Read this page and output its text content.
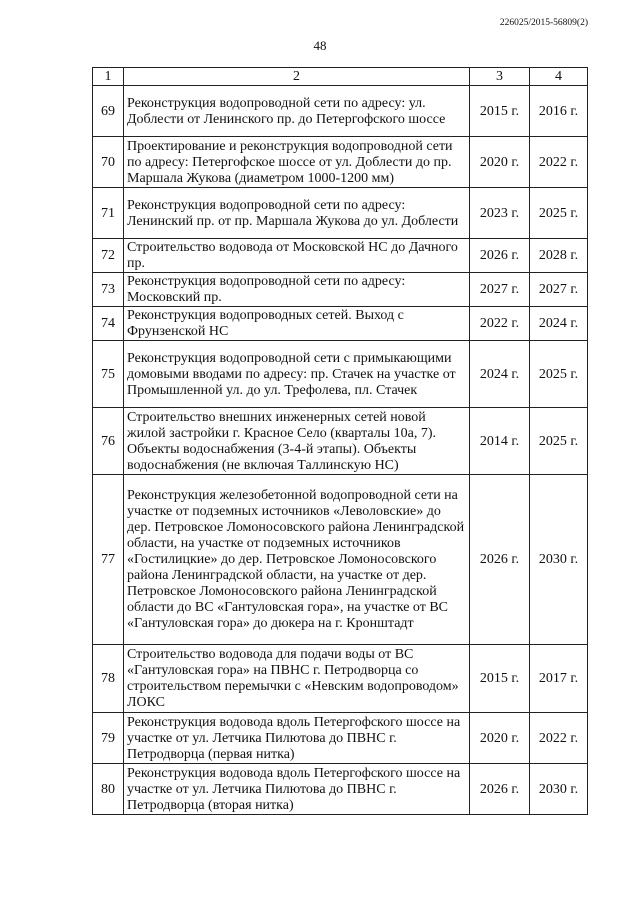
226025/2015-56809(2)
48
1	2	3	4
69	Реконструкция водопроводной сети по адресу: ул. Доблести от Ленинского пр. до Петергофского шоссе	2015 г.	2016 г.
70	Проектирование и реконструкция водопроводной сети по адресу: Петергофское шоссе от ул. Доблести до пр. Маршала Жукова (диаметром 1000-1200 мм)	2020 г.	2022 г.
71	Реконструкция водопроводной сети по адресу: Ленинский пр. от пр. Маршала Жукова до ул. Доблести	2023 г.	2025 г.
72	Строительство водовода от Московской НС до Дачного пр.	2026 г.	2028 г.
73	Реконструкция водопроводной сети по адресу: Московский пр.	2027 г.	2027 г.
74	Реконструкция водопроводных сетей. Выход с Фрунзенской НС	2022 г.	2024 г.
75	Реконструкция водопроводной сети с примыкающими домовыми вводами по адресу: пр. Стачек на участке от Промышленной ул. до ул. Трефолева, пл. Стачек	2024 г.	2025 г.
76	Строительство внешних инженерных сетей новой жилой застройки г. Красное Село (кварталы 10а, 7). Объекты водоснабжения (3-4-й этапы). Объекты водоснабжения (не включая Таллинскую НС)	2014 г.	2025 г.
77	Реконструкция железобетонной водопроводной сети на участке от подземных источников «Леволовские» до дер. Петровское Ломоносовского района Ленинградской области, на участке от подземных источников «Гостилицкие» до дер. Петровское Ломоносовского района Ленинградской области, на участке от дер. Петровское Ломоносовского района Ленинградской области до ВС «Гантуловская гора», на участке от ВС «Гантуловская гора» до дюкера на г. Кронштадт	2026 г.	2030 г.
78	Строительство водовода для подачи воды от ВС «Гантуловская гора» на ПВНС г. Петродворца со строительством перемычки с «Невским водопроводом» ЛОКС	2015 г.	2017 г.
79	Реконструкция водовода вдоль Петергофского шоссе на участке от ул. Летчика Пилютова до ПВНС г. Петродворца (первая нитка)	2020 г.	2022 г.
80	Реконструкция водовода вдоль Петергофского шоссе на участке от ул. Летчика Пилютова до ПВНС г. Петродворца (вторая нитка)	2026 г.	2030 г.
